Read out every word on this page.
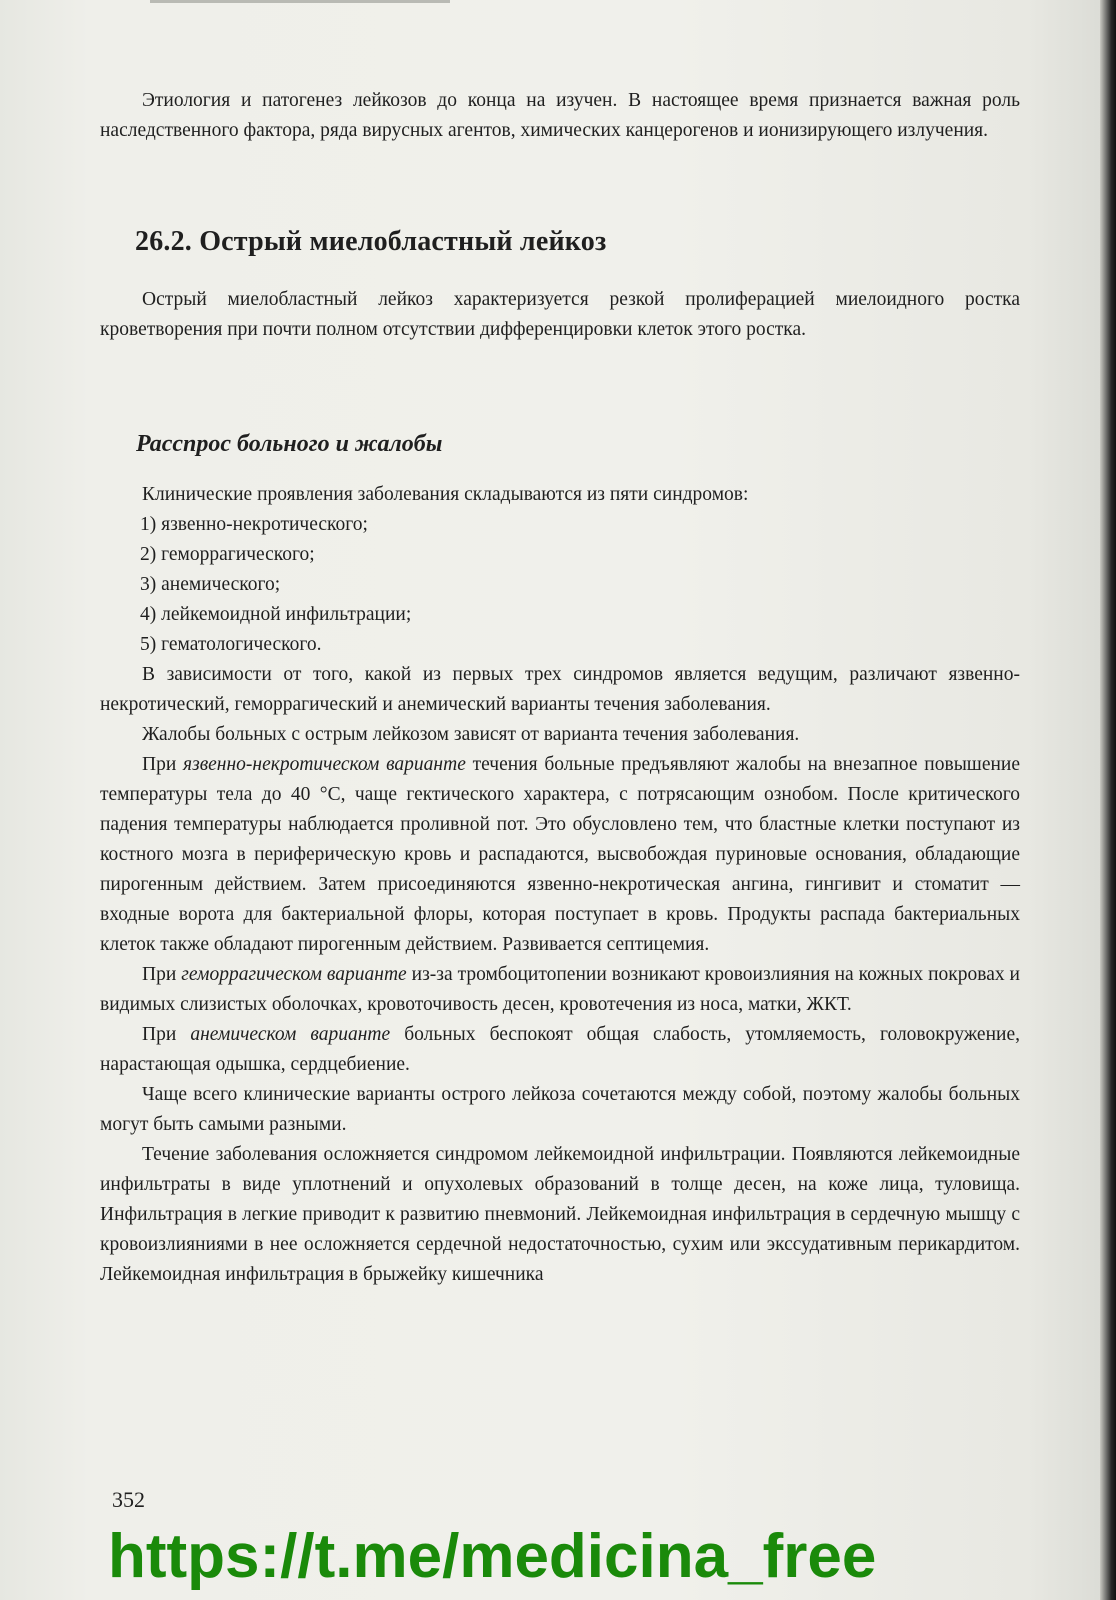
Этиология и патогенез лейкозов до конца на изучен. В настоящее время признается важная роль наследственного фактора, ряда вирусных агентов, химических канцерогенов и ионизирующего излучения.

26.2. Острый миелобластный лейкоз

Острый миелобластный лейкоз характеризуется резкой пролиферацией миелоидного ростка кроветворения при почти полном отсутствии дифференцировки клеток этого ростка.

Расспрос больного и жалобы

Клинические проявления заболевания складываются из пяти синдромов:

1) язвенно-некротического;
2) геморрагического;
3) анемического;
4) лейкемоидной инфильтрации;
5) гематологического.

В зависимости от того, какой из первых трех синдромов является ведущим, различают язвенно-некротический, геморрагический и анемический варианты течения заболевания.

Жалобы больных с острым лейкозом зависят от варианта течения заболевания.

При язвенно-некротическом варианте течения больные предъявляют жалобы на внезапное повышение температуры тела до 40 °С, чаще гектического характера, с потрясающим ознобом. После критического падения температуры наблюдается проливной пот. Это обусловлено тем, что бластные клетки поступают из костного мозга в периферическую кровь и распадаются, высвобождая пуриновые основания, обладающие пирогенным действием. Затем присоединяются язвенно-некротическая ангина, гингивит и стоматит — входные ворота для бактериальной флоры, которая поступает в кровь. Продукты распада бактериальных клеток также обладают пирогенным действием. Развивается септицемия.

При геморрагическом варианте из-за тромбоцитопении возникают кровоизлияния на кожных покровах и видимых слизистых оболочках, кровоточивость десен, кровотечения из носа, матки, ЖКТ.

При анемическом варианте больных беспокоят общая слабость, утомляемость, головокружение, нарастающая одышка, сердцебиение.

Чаще всего клинические варианты острого лейкоза сочетаются между собой, поэтому жалобы больных могут быть самыми разными.

Течение заболевания осложняется синдромом лейкемоидной инфильтрации. Появляются лейкемоидные инфильтраты в виде уплотнений и опухолевых образований в толще десен, на коже лица, туловища. Инфильтрация в легкие приводит к развитию пневмоний. Лейкемоидная инфильтрация в сердечную мышцу с кровоизлияниями в нее осложняется сердечной недостаточностью, сухим или экссудативным перикардитом. Лейкемоидная инфильтрация в брыжейку кишечника

352
https://t.me/medicina_free
